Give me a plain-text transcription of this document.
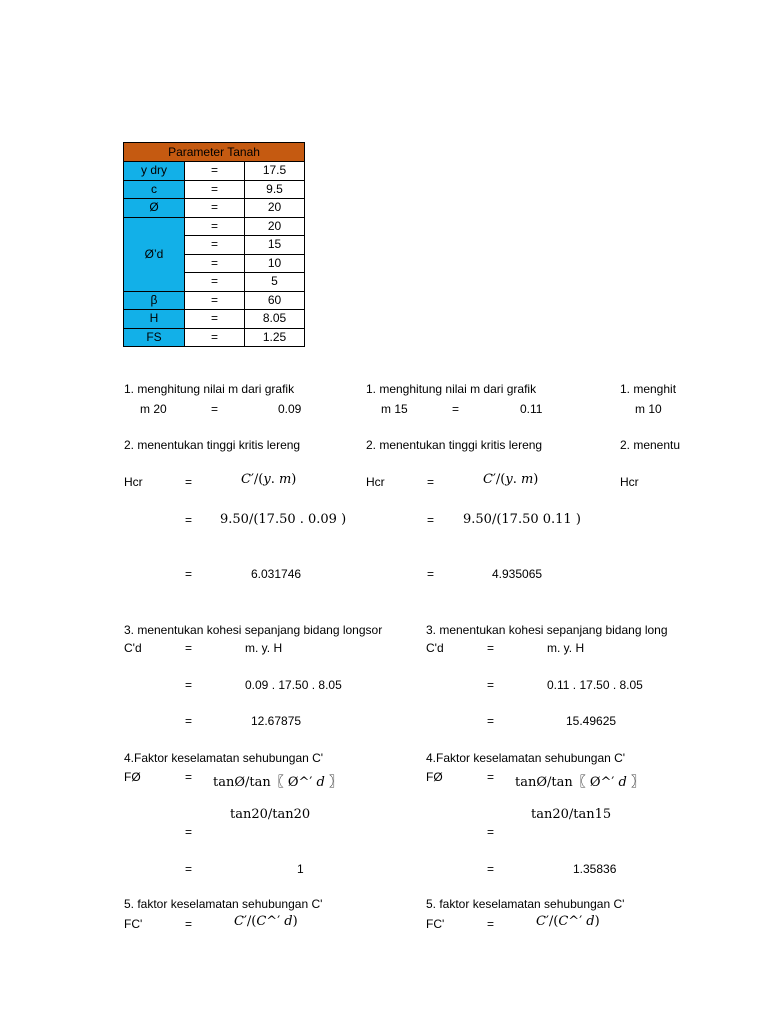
Parameter Tanah		
y dry	=	17.5
c	=	9.5
Ø	=	20
Ø’d	=	20
	=	15
	=	10
	=	5
β	=	60
H	=	8.05
FS	=	1.25
1. menghitung nilai m dari grafik
m 20	=	0.09
2. menentukan tinggi kritis lereng
Hcr	=	𝐶′/(𝑦. 𝑚)
= 9.50/(17.50 . 0.09 )
=	6.031746
1. menghitung nilai m dari grafik
m 15	=	0.11
2. menentukan tinggi kritis lereng
Hcr	=	𝐶′/(𝑦. 𝑚)
= 9.50/(17.50 0.11 )
=	4.935065
1. menghit
m 10
2. menentu
Hcr
3. menentukan kohesi sepanjang bidang longsor
C'd	=	m. y. H
=	0.09 . 17.50 . 8.05
=	12.67875
4.Faktor keselamatan sehubungan C'
FØ	= tanØ/tan〖 Ø^′ 𝑑 〗
tan20/tan20
=
=	1
5. faktor keselamatan sehubungan C'
FC'	=	𝐶′/(𝐶^′ 𝑑)
3. menentukan kohesi sepanjang bidang long
C'd	=	m. y. H
=	0.11 . 17.50 . 8.05
=	15.49625
4.Faktor keselamatan sehubungan C'
FØ	= tanØ/tan〖 Ø^′ 𝑑 〗
tan20/tan15
=
=	1.35836
5. faktor keselamatan sehubungan C'
FC'	=	𝐶′/(𝐶^′ 𝑑)
